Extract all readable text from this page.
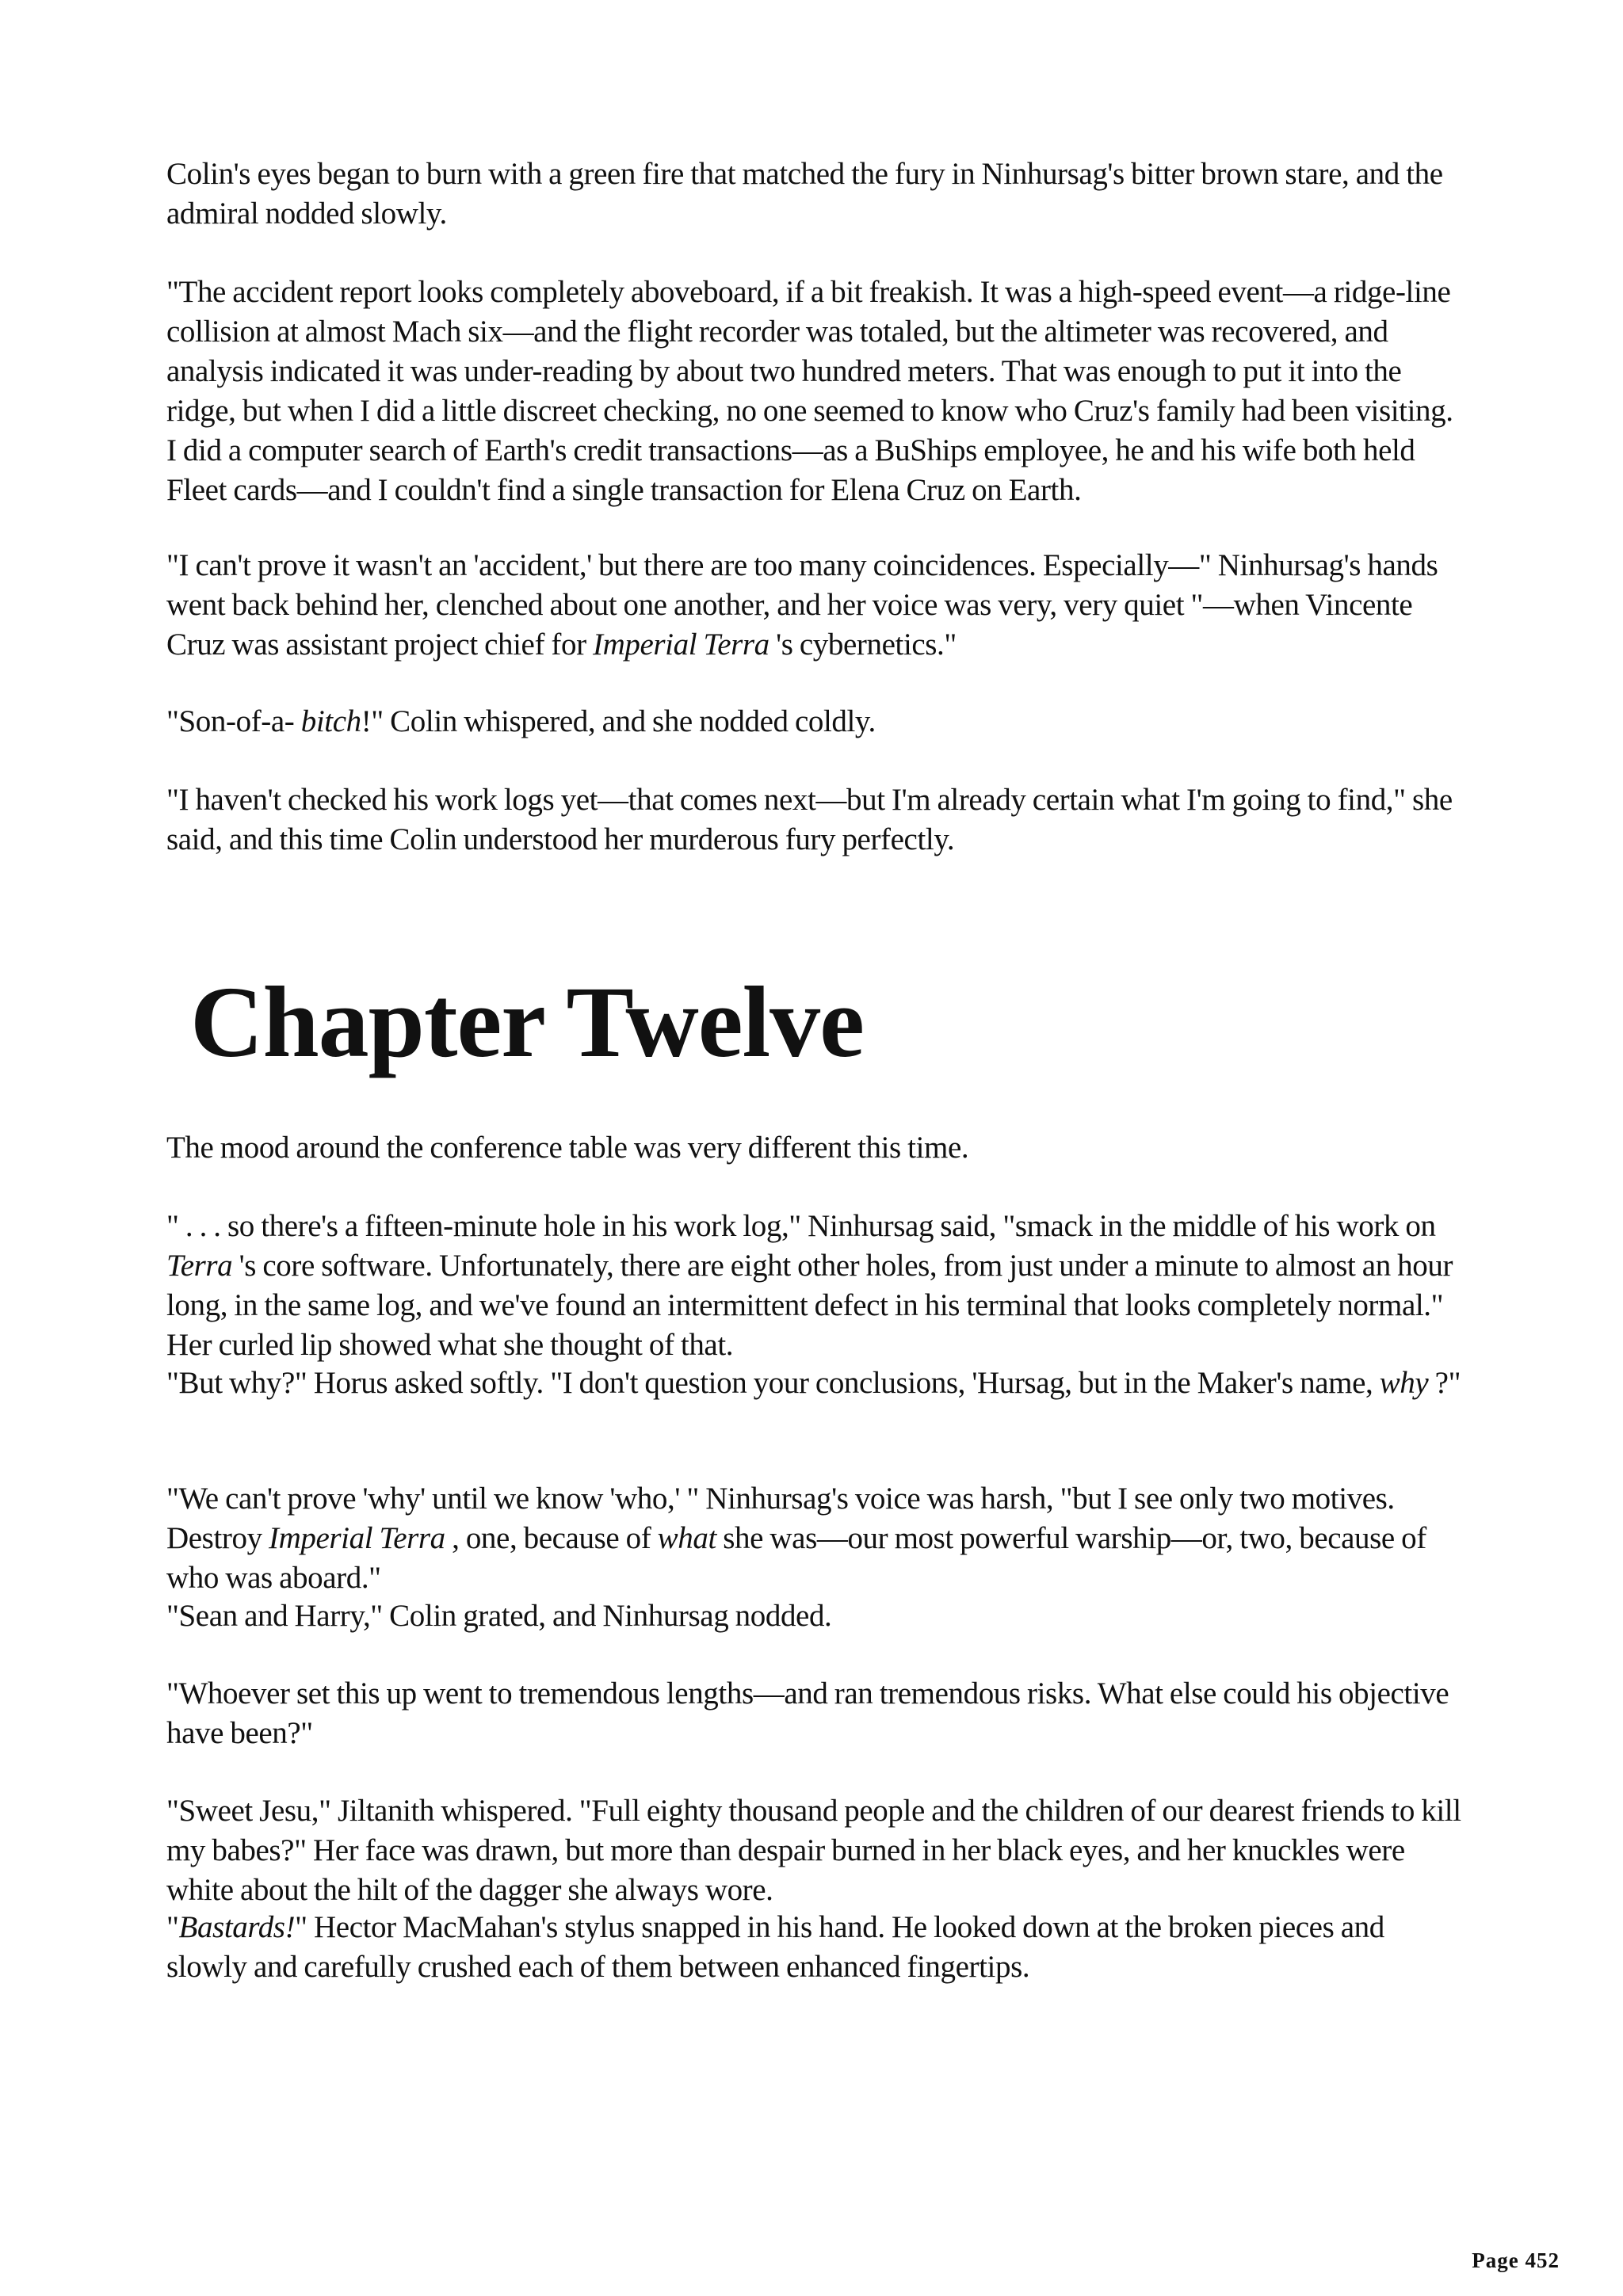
Colin's eyes began to burn with a green fire that matched the fury in Ninhursag's bitter brown stare, and the admiral nodded slowly.

"The accident report looks completely aboveboard, if a bit freakish. It was a high-speed event—a ridge-line collision at almost Mach six—and the flight recorder was totaled, but the altimeter was recovered, and analysis indicated it was under-reading by about two hundred meters. That was enough to put it into the ridge, but when I did a little discreet checking, no one seemed to know who Cruz's family had been visiting. I did a computer search of Earth's credit transactions—as a BuShips employee, he and his wife both held Fleet cards—and I couldn't find a single transaction for Elena Cruz on Earth.

"I can't prove it wasn't an 'accident,' but there are too many coincidences. Especially—" Ninhursag's hands went back behind her, clenched about one another, and her voice was very, very quiet "—when Vincente Cruz was assistant project chief for Imperial Terra 's cybernetics."

"Son-of-a- bitch!" Colin whispered, and she nodded coldly.

"I haven't checked his work logs yet—that comes next—but I'm already certain what I'm going to find," she said, and this time Colin understood her murderous fury perfectly.

Chapter Twelve

The mood around the conference table was very different this time.

" . . . so there's a fifteen-minute hole in his work log," Ninhursag said, "smack in the middle of his work on Terra 's core software. Unfortunately, there are eight other holes, from just under a minute to almost an hour long, in the same log, and we've found an intermittent defect in his terminal that looks completely normal." Her curled lip showed what she thought of that.

"But why?" Horus asked softly. "I don't question your conclusions, 'Hursag, but in the Maker's name, why ?"

"We can't prove 'why' until we know 'who,' " Ninhursag's voice was harsh, "but I see only two motives. Destroy Imperial Terra , one, because of what she was—our most powerful warship—or, two, because of who was aboard."

"Sean and Harry," Colin grated, and Ninhursag nodded.

"Whoever set this up went to tremendous lengths—and ran tremendous risks. What else could his objective have been?"

"Sweet Jesu," Jiltanith whispered. "Full eighty thousand people and the children of our dearest friends to kill my babes?" Her face was drawn, but more than despair burned in her black eyes, and her knuckles were white about the hilt of the dagger she always wore.

"Bastards!" Hector MacMahan's stylus snapped in his hand. He looked down at the broken pieces and slowly and carefully crushed each of them between enhanced fingertips.

Page 452
